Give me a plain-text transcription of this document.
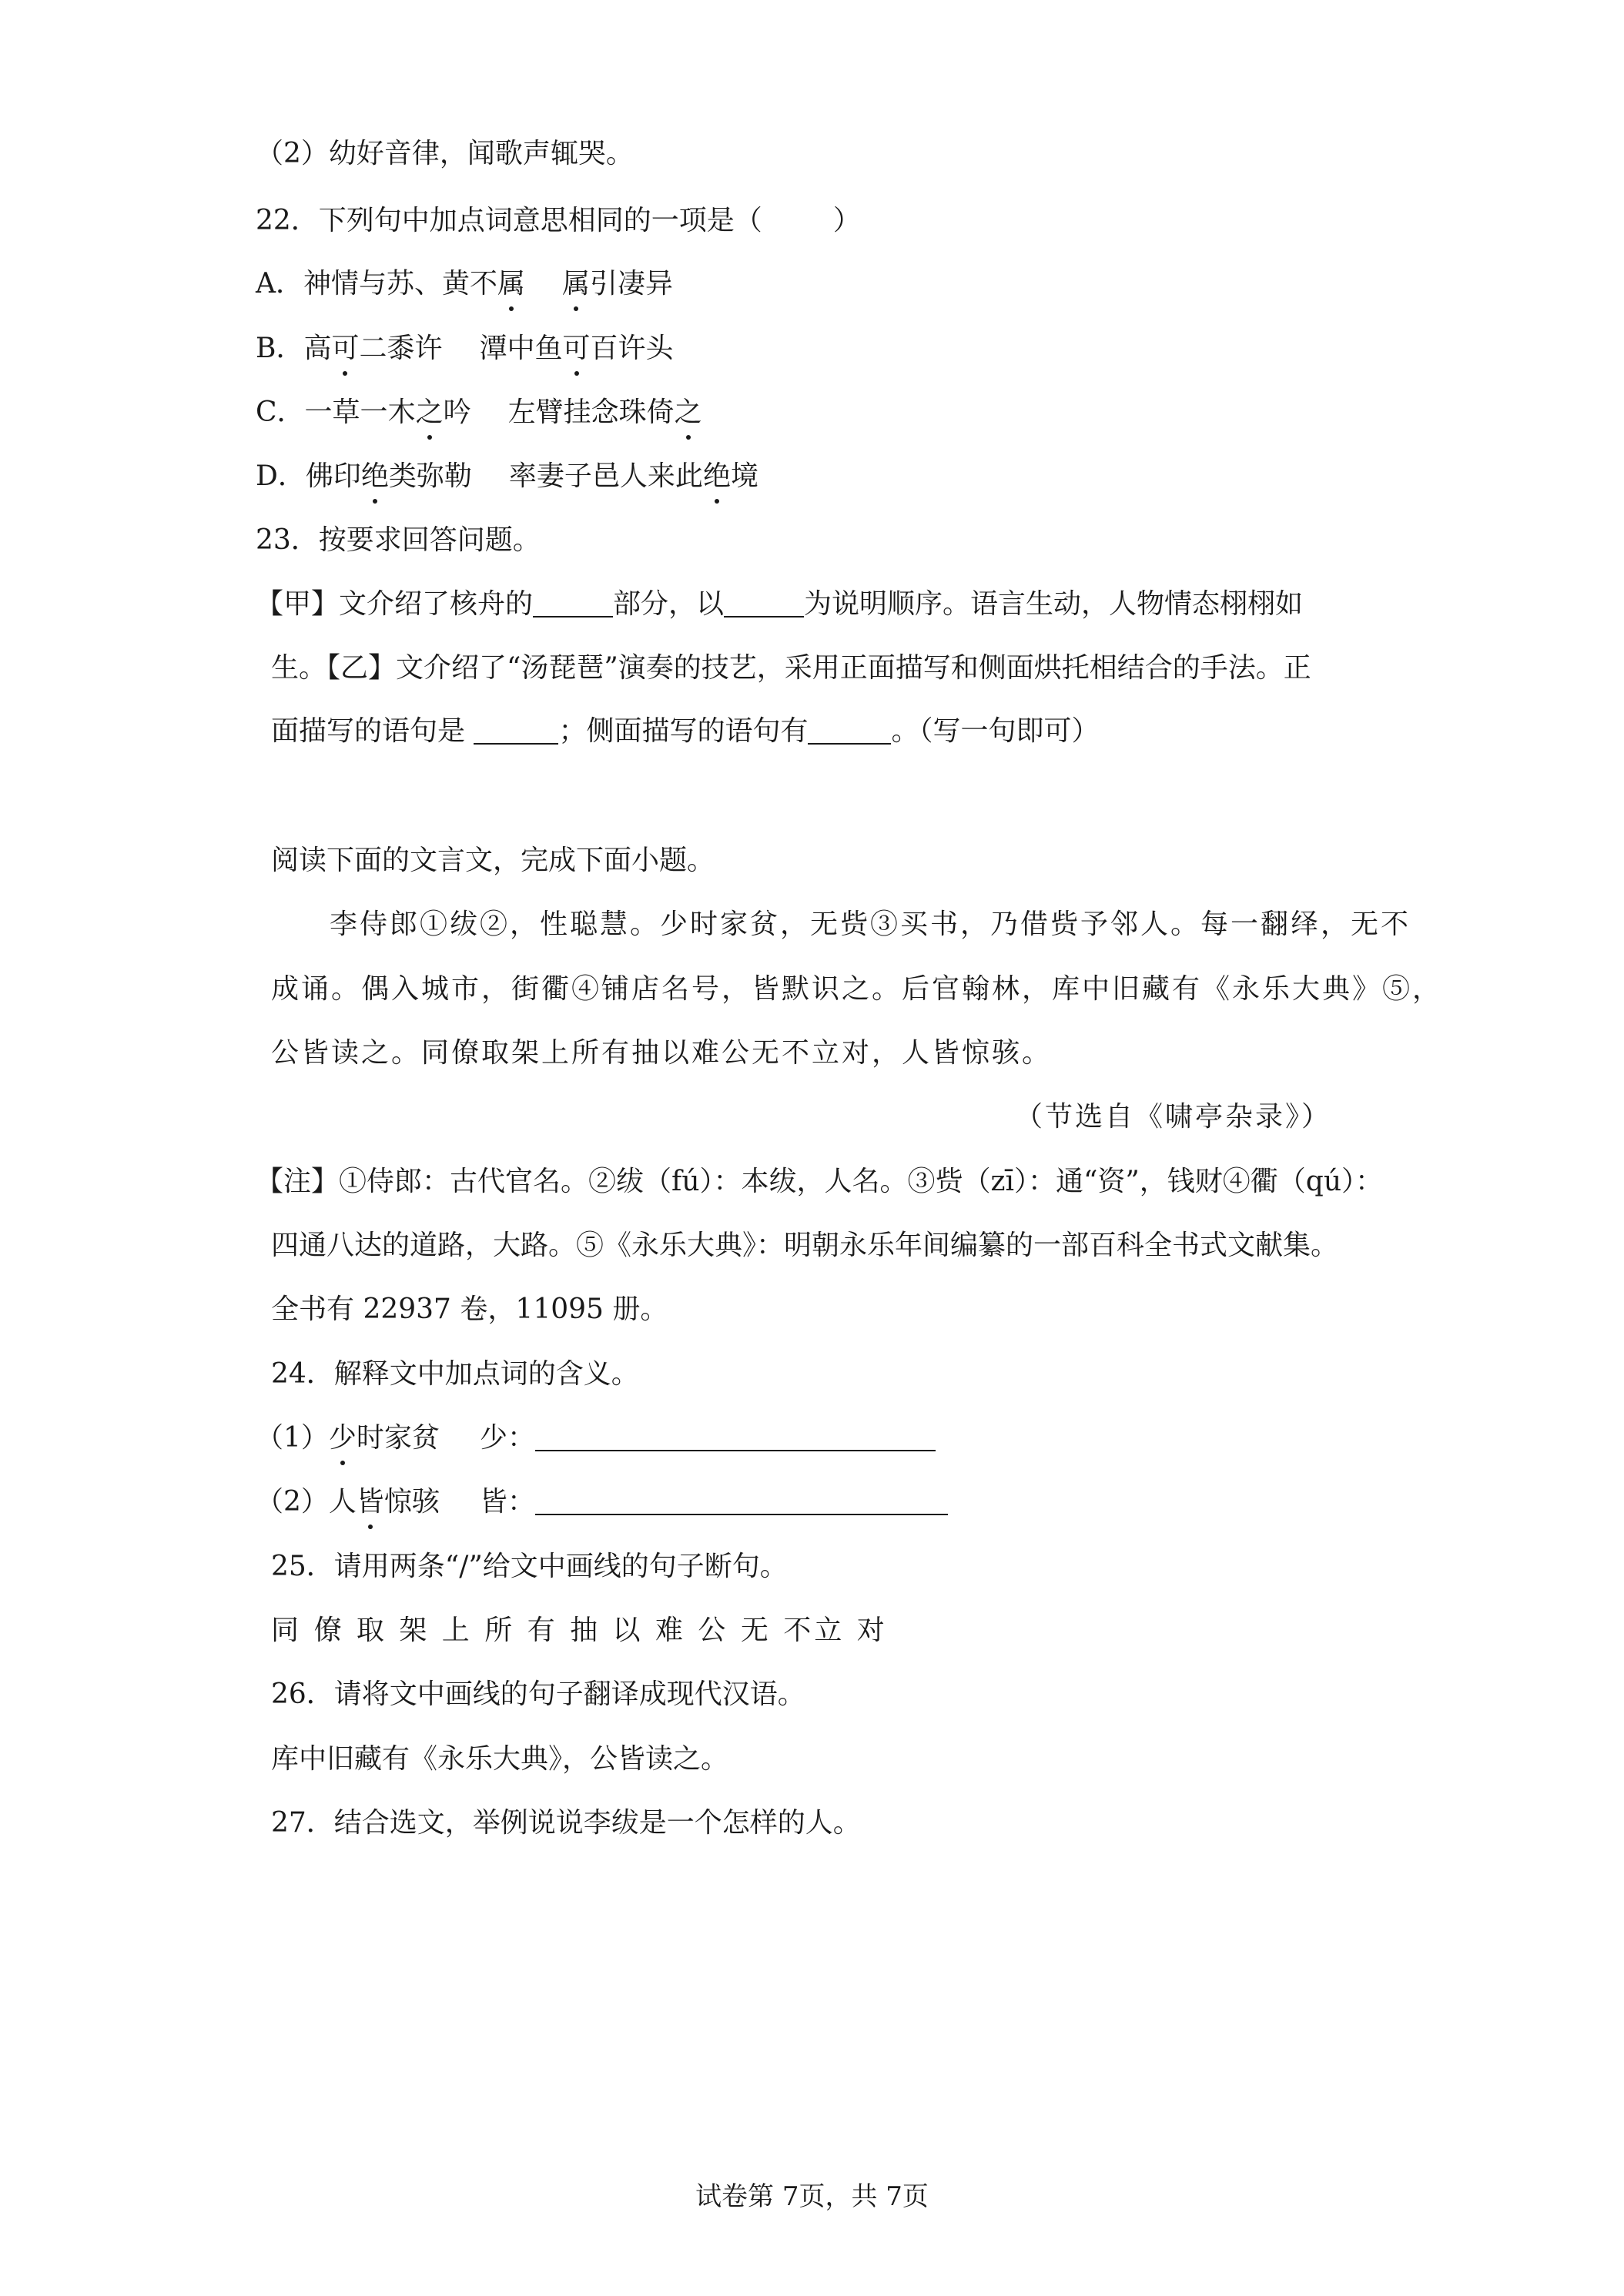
（2）幼好音律，闻歌声辄哭。
22．下列句中加点词意思相同的一项是（	）
A．神情与苏、黄不属 属引凄异
B．高可二黍许 潭中鱼可百许头
C．一草一木之吟 左臂挂念珠倚之
D．佛印绝类弥勒 率妻子邑人来此绝境
23．按要求回答问题。
【甲】文介绍了核舟的	部分，以	为说明顺序。语言生动，人物情态栩栩如
生。【乙】文介绍了“汤琵琶”演奏的技艺，采用正面描写和侧面烘托相结合的手法。正
面描写的语句是	；侧面描写的语句有	。（写一句即可）
阅读下面的文言文，完成下面小题。
李侍郎①绂②，性聪慧。少时家贫，无赀③买书，乃借赀予邻人。每一翻绎，无不
成诵。偶入城市，街衢④铺店名号，皆默识之。后官翰林，库中旧藏有《永乐大典》⑤，
公皆读之。同僚取架上所有抽以难公无不立对，人皆惊骇。
（节选自《啸亭杂录》）
【注】①侍郎：古代官名。②绂（fú）：本绂，人名。③赀（zī）：通“资”，钱财④衢（qú）：
四通八达的道路，大路。⑤《永乐大典》：明朝永乐年间编纂的一部百科全书式文献集。
全书有 22937 卷，11095 册。
24．解释文中加点词的含义。
（1）少时家贫 少：
（2）人皆惊骇 皆：
25．请用两条“/”给文中画线的句子断句。
同 僚 取 架 上 所 有 抽 以 难 公 无 不立 对
26．请将文中画线的句子翻译成现代汉语。
库中旧藏有《永乐大典》，公皆读之。
27．结合选文，举例说说李绂是一个怎样的人。
试卷第 7页，共 7页
